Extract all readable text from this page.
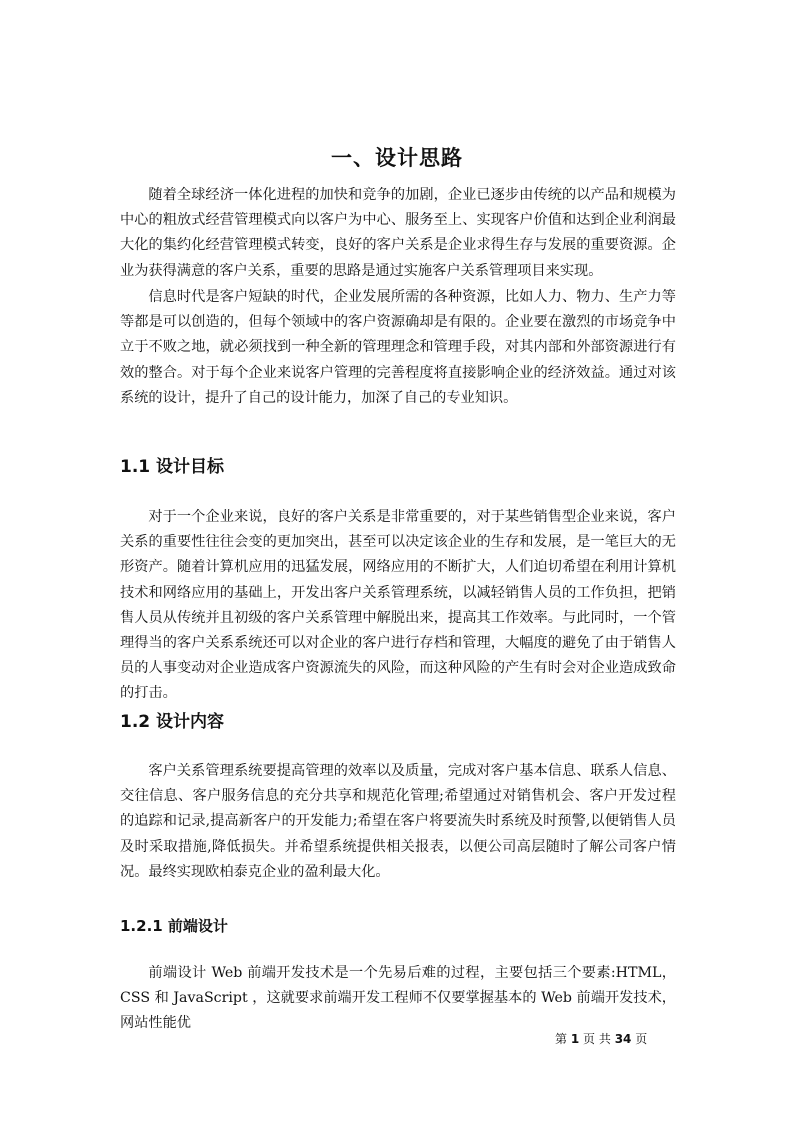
一、设计思路

随着全球经济一体化进程的加快和竞争的加剧，企业已逐步由传统的以产品和规模为中心的粗放式经营管理模式向以客户为中心、服务至上、实现客户价值和达到企业利润最大化的集约化经营管理模式转变，良好的客户关系是企业求得生存与发展的重要资源。企业为获得满意的客户关系，重要的思路是通过实施客户关系管理项目来实现。

信息时代是客户短缺的时代，企业发展所需的各种资源，比如人力、物力、生产力等等都是可以创造的，但每个领域中的客户资源确却是有限的。企业要在激烈的市场竞争中立于不败之地，就必须找到一种全新的管理理念和管理手段，对其内部和外部资源进行有效的整合。对于每个企业来说客户管理的完善程度将直接影响企业的经济效益。通过对该系统的设计，提升了自己的设计能力，加深了自己的专业知识。

1.1 设计目标

对于一个企业来说，良好的客户关系是非常重要的，对于某些销售型企业来说，客户关系的重要性往往会变的更加突出，甚至可以决定该企业的生存和发展，是一笔巨大的无形资产。随着计算机应用的迅猛发展，网络应用的不断扩大，人们迫切希望在利用计算机技术和网络应用的基础上，开发出客户关系管理系统，以减轻销售人员的工作负担，把销售人员从传统并且初级的客户关系管理中解脱出来，提高其工作效率。与此同时，一个管理得当的客户关系系统还可以对企业的客户进行存档和管理，大幅度的避免了由于销售人员的人事变动对企业造成客户资源流失的风险，而这种风险的产生有时会对企业造成致命的打击。

1.2 设计内容

客户关系管理系统要提高管理的效率以及质量，完成对客户基本信息、联系人信息、交往信息、客户服务信息的充分共享和规范化管理;希望通过对销售机会、客户开发过程的追踪和记录,提高新客户的开发能力;希望在客户将要流失时系统及时预警,以便销售人员及时采取措施,降低损失。并希望系统提供相关报表，以便公司高层随时了解公司客户情况。最终实现欧柏泰克企业的盈利最大化。

1.2.1 前端设计

前端设计 Web 前端开发技术是一个先易后难的过程，主要包括三个要素:HTML，CSS 和 JavaScript ，这就要求前端开发工程师不仅要掌握基本的 Web 前端开发技术，网站性能优

第 1 页 共 34 页
